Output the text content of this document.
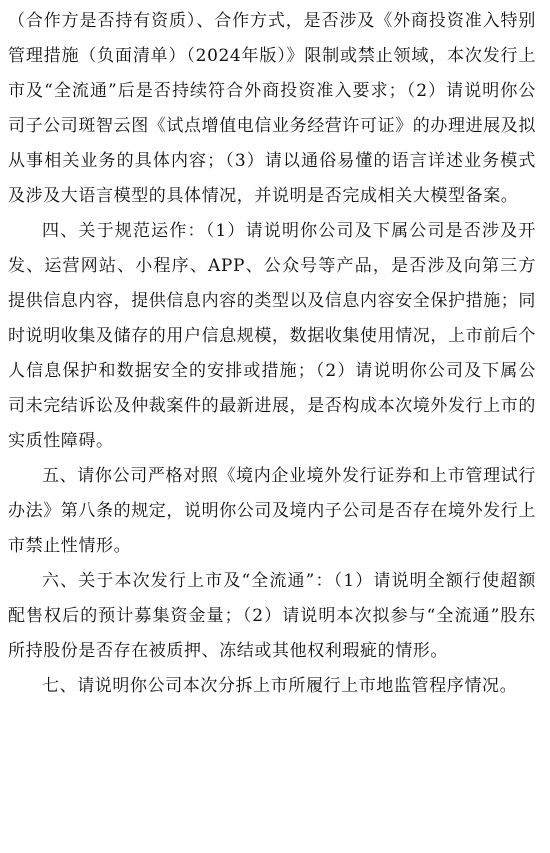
（合作方是否持有资质）、合作方式，是否涉及《外商投资准入特别管理措施（负面清单）（2024年版）》限制或禁止领域，本次发行上市及“全流通”后是否持续符合外商投资准入要求；（2）请说明你公司子公司斑智云图《试点增值电信业务经营许可证》的办理进展及拟从事相关业务的具体内容；（3）请以通俗易懂的语言详述业务模式及涉及大语言模型的具体情况，并说明是否完成相关大模型备案。

四、关于规范运作：（1）请说明你公司及下属公司是否涉及开发、运营网站、小程序、APP、公众号等产品，是否涉及向第三方提供信息内容，提供信息内容的类型以及信息内容安全保护措施；同时说明收集及储存的用户信息规模，数据收集使用情况，上市前后个人信息保护和数据安全的安排或措施；（2）请说明你公司及下属公司未完结诉讼及仲裁案件的最新进展，是否构成本次境外发行上市的实质性障碍。

五、请你公司严格对照《境内企业境外发行证券和上市管理试行办法》第八条的规定，说明你公司及境内子公司是否存在境外发行上市禁止性情形。

六、关于本次发行上市及“全流通”：（1）请说明全额行使超额配售权后的预计募集资金量；（2）请说明本次拟参与“全流通”股东所持股份是否存在被质押、冻结或其他权利瑕疵的情形。

七、请说明你公司本次分拆上市所履行上市地监管程序情况。
